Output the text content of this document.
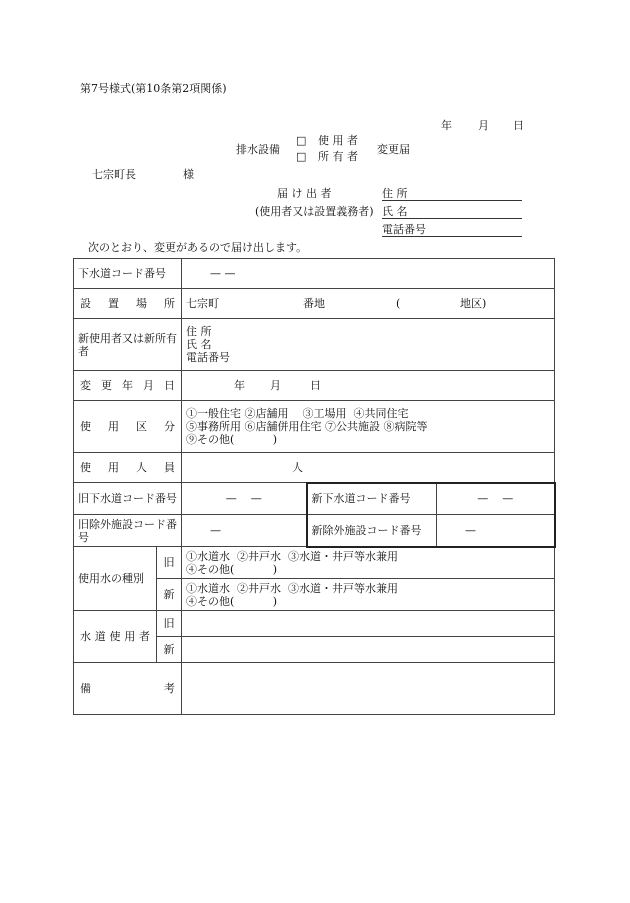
第7号様式(第10条第2項関係)
年 月 日
排水設備
□ 使 用 者
□ 所 有 者
変更届
七宗町長	様
届 け 出 者	住 所
(使用者又は設置義務者) 氏 名
電話番号
次のとおり、変更があるので届け出します。
下水道コード番号		— —		
設 置 場 所		七宗町 番地 ( 地区)		
新使用者又は新所有者		住 所
氏 名
電話番号		

変 更 年 月 日		年 月 日		
使 用 区 分		①一般住宅 ②店舗用    ③工場用  ④共同住宅
⑤事務所用 ⑥店舗併用住宅 ⑦公共施設 ⑧病院等
⑨その他(           )		

使 用 人 員		人		
旧下水道コード番号		—    —	新下水道コード番号	—    —
旧除外施設コード番号		—	新除外施設コード番号	—
使用水の種別	旧	①水道水  ②井戸水  ③水道・井戸等水兼用
④その他(           )		

	新	①水道水  ②井戸水  ③水道・井戸等水兼用
④その他(           )		

水 道 使 用 者	旧			
	新			
備 考				
